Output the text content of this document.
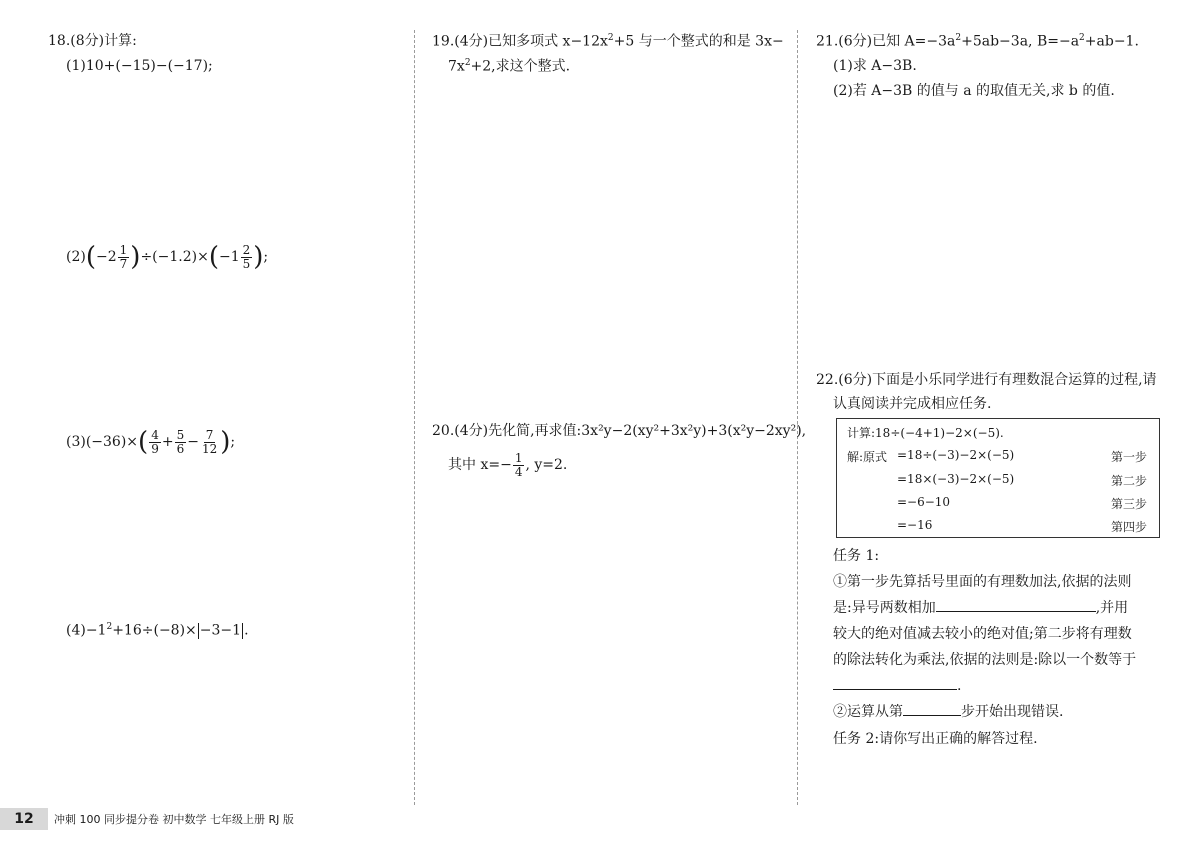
18.(8分)计算:
(1)10+(−15)−(−17);
$(2)(-2 \frac{1}{7} )\div(-1.2)\times(-1 \frac{2}{5}$ );
$(3)(-36)\times( \frac{4}{9} + \frac{5}{6} - \frac{7}{12}$ );
$(4)-1^2+16\div(-8)\times -3-1$ .
19.(4分)已知多项式 $x-12x^2+5$ 与一个整式的和是 3x−
$7x^2+2$,求这个整式.
20.(4分)先化简,再求值:3x²y−2(xy²+3x²y)+3(x²y−2xy²),
其中 $x=- \frac{1}{4}$ , y=2.
21.(6分)已知 $A=-3a^2+5ab-3a$, $B=-a^2+ab-1$.
(1)求 A−3B.
(2)若 A−3B 的值与 a 的取值无关,求 b 的值.
22.(6分)下面是小乐同学进行有理数混合运算的过程,请
认真阅读并完成相应任务.
计算:18÷(−4+1)−2×(−5).
解:原式 =18÷(−3)−2×(−5)	第一步
=18×(−3)−2×(−5)	第二步
=−6−10	第三步
=−16	第四步
任务 1:
①第一步先算括号里面的有理数加法,依据的法则
是:异号两数相加	,并用
较大的绝对值减去较小的绝对值;第二步将有理数
的除法转化为乘法,依据的法则是:除以一个数等于
.
②运算从第	步开始出现错误.
任务 2:请你写出正确的解答过程.
12	冲刺 100 同步提分卷 初中数学 七年级上册 RJ 版
